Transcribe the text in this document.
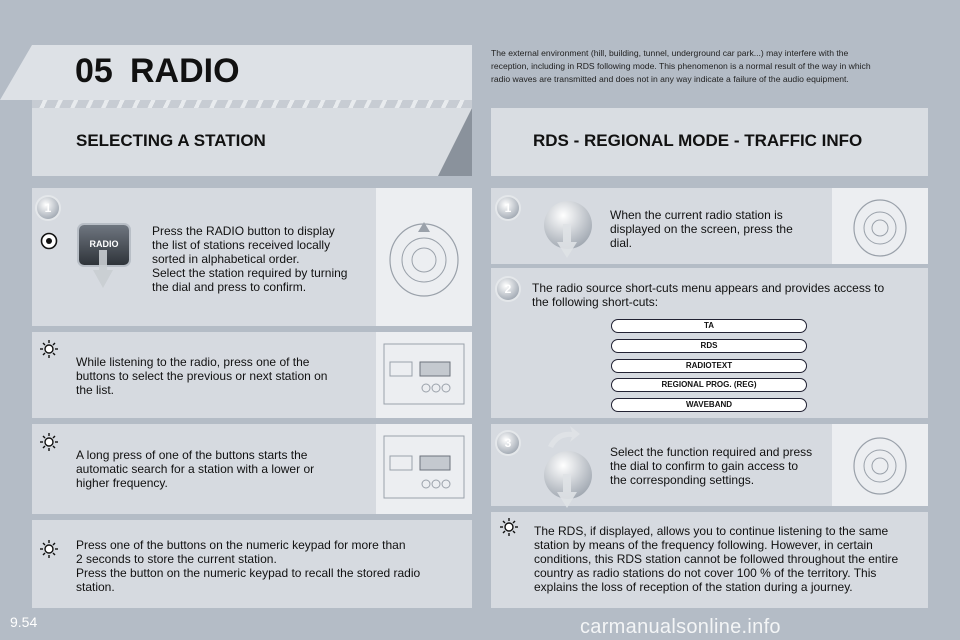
05 RADIO	The external environment (hill, building, tunnel, underground car park...) may interfere with the reception, including in RDS following mode. This phenomenon is a normal result of the way in which radio waves are transmitted and does not in any way indicate a failure of the audio equipment.
SELECTING A STATION	RDS - REGIONAL MODE - TRAFFIC INFO
1
RADIO
Press the RADIO button to display
the list of stations received locally
sorted in alphabetical order.
Select the station required by turning
the dial and press to confirm.
While listening to the radio, press one of the
buttons to select the previous or next station on
the list.
A long press of one of the buttons starts the
automatic search for a station with a lower or
higher frequency.
Press one of the buttons on the numeric keypad for more than
2 seconds to store the current station.
Press the button on the numeric keypad to recall the stored radio
station.
1	When the current radio station is
displayed on the screen, press the
dial.
2	The radio source short-cuts menu appears and provides access to
the following short-cuts:
TA
RDS
RADIOTEXT
REGIONAL PROG. (REG)
WAVEBAND
3
Select the function required and press
the dial to confirm to gain access to
the corresponding settings.
The RDS, if displayed, allows you to continue listening to the same
station by means of the frequency following. However, in certain
conditions, this RDS station cannot be followed throughout the entire
country as radio stations do not cover 100 % of the territory. This
explains the loss of reception of the station during a journey.
9.54	carmanualsonline.info
